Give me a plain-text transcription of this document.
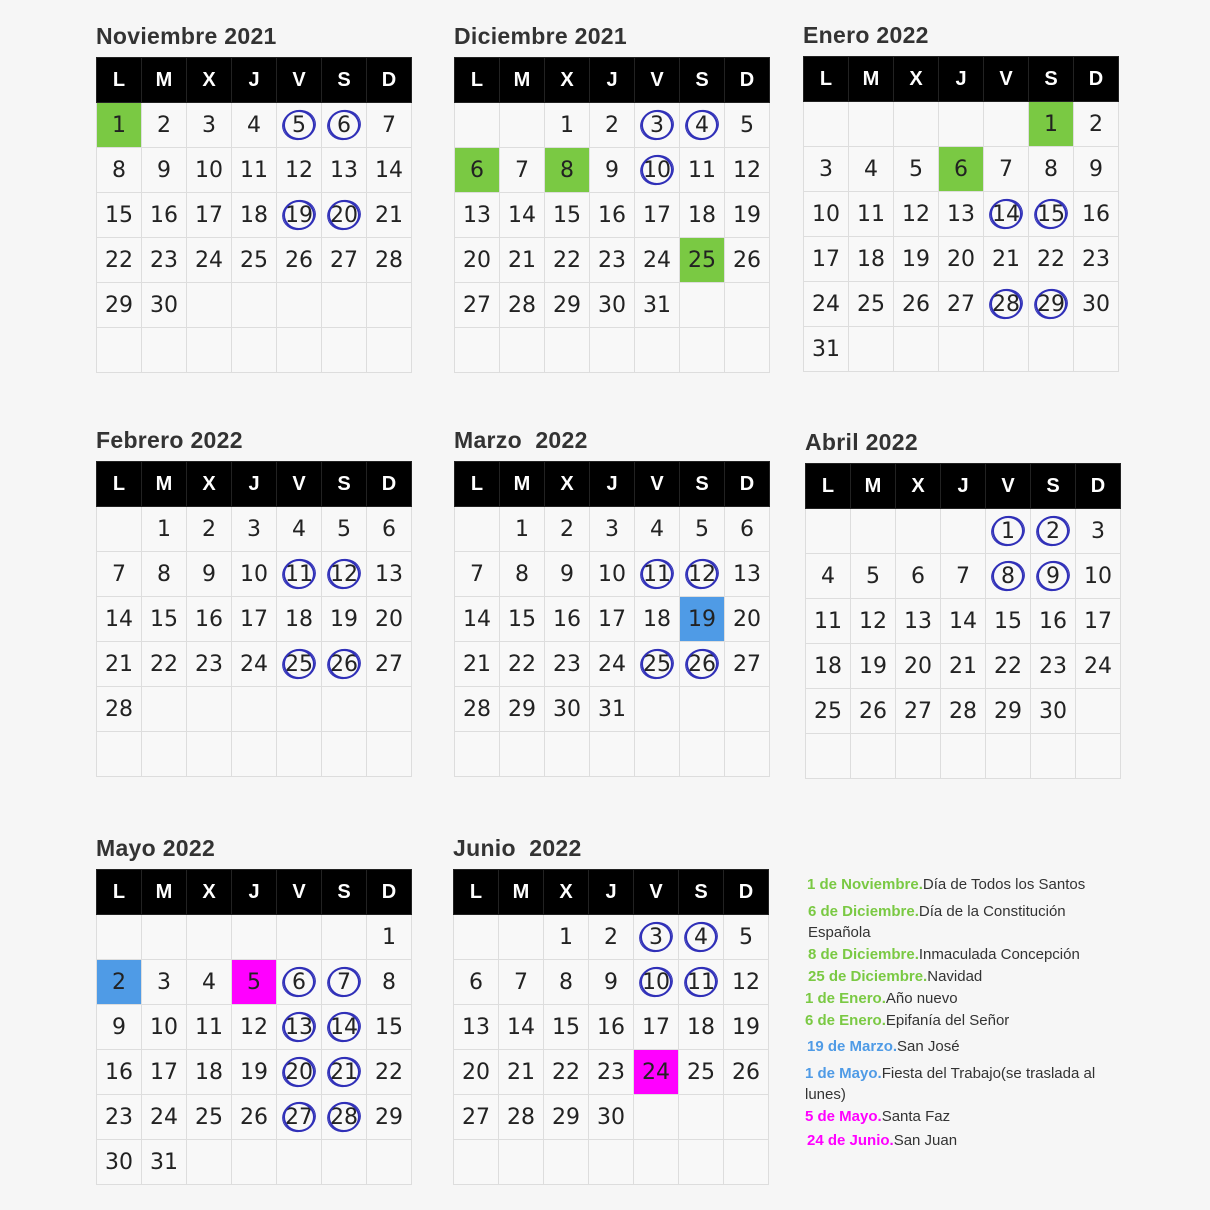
Noviembre 2021
L	M	X	J	V	S	D
1	2	3	4	5	6	7
8	9	10	11	12	13	14
15	16	17	18	19	20	21
22	23	24	25	26	27	28
29	30					

Diciembre 2021
L	M	X	J	V	S	D
		1	2	3	4	5
6	7	8	9	10	11	12
13	14	15	16	17	18	19
20	21	22	23	24	25	26
27	28	29	30	31		

Enero 2022
L	M	X	J	V	S	D
					1	2
3	4	5	6	7	8	9
10	11	12	13	14	15	16
17	18	19	20	21	22	23
24	25	26	27	28	29	30
31						
Febrero 2022
L	M	X	J	V	S	D
	1	2	3	4	5	6
7	8	9	10	11	12	13
14	15	16	17	18	19	20
21	22	23	24	25	26	27
28						

Marzo 2022
L	M	X	J	V	S	D
	1	2	3	4	5	6
7	8	9	10	11	12	13
14	15	16	17	18	19	20
21	22	23	24	25	26	27
28	29	30	31			

Abril 2022
L	M	X	J	V	S	D
				1	2	3
4	5	6	7	8	9	10
11	12	13	14	15	16	17
18	19	20	21	22	23	24
25	26	27	28	29	30	

Mayo 2022
L	M	X	J	V	S	D
						1
2	3	4	5	6	7	8
9	10	11	12	13	14	15
16	17	18	19	20	21	22
23	24	25	26	27	28	29
30	31					
Junio 2022
L	M	X	J	V	S	D
		1	2	3	4	5
6	7	8	9	10	11	12
13	14	15	16	17	18	19
20	21	22	23	24	25	26
27	28	29	30			

1 de Noviembre.Día de Todos los Santos
6 de Diciembre.Día de la Constitución Española
8 de Diciembre.Inmaculada Concepción
25 de Diciembre.Navidad
1 de Enero.Año nuevo
6 de Enero.Epifanía del Señor
19 de Marzo.San José
1 de Mayo.Fiesta del Trabajo(se traslada al lunes)
5 de Mayo.Santa Faz
24 de Junio.San Juan
